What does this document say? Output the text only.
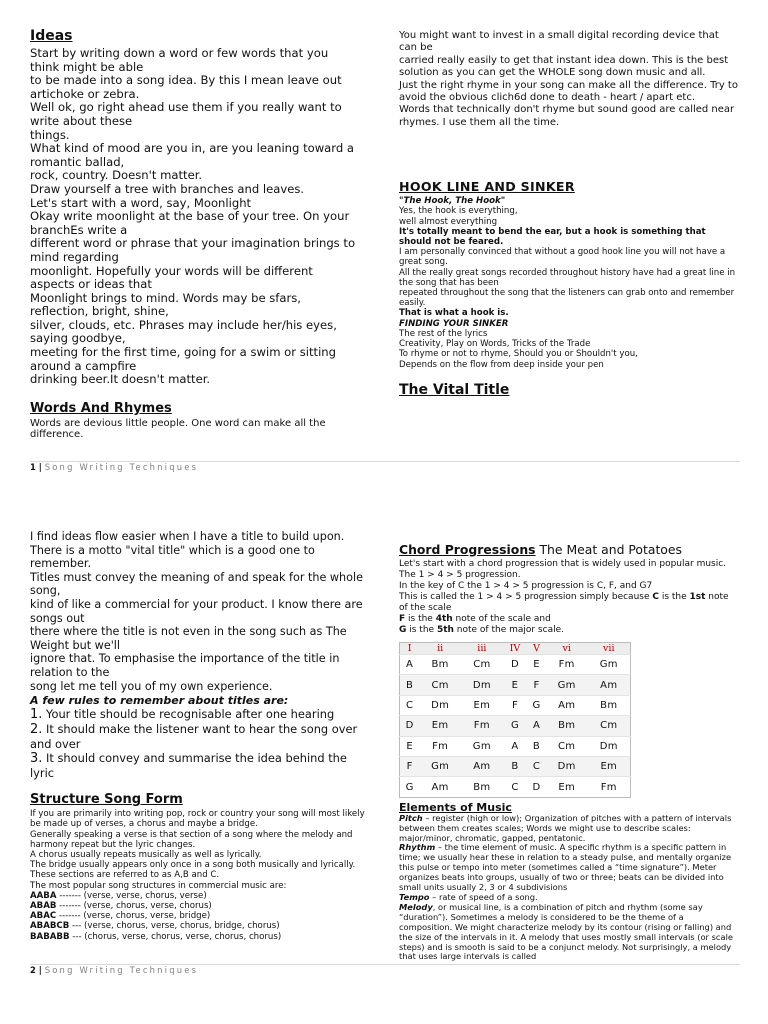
Ideas

Start by writing down a word or few words that you think might be able

to be made into a song idea. By this I mean leave out artichoke or zebra.

Well ok, go right ahead use them if you really want to write about these

things.

What kind of mood are you in, are you leaning toward a romantic ballad,

rock, country. Doesn't matter.

Draw yourself a tree with branches and leaves.

Let's start with a word, say, Moonlight

Okay write moonlight at the base of your tree. On your branchEs write a

different word or phrase that your imagination brings to mind regarding

moonlight. Hopefully your words will be different aspects or ideas that

Moonlight brings to mind. Words may be sfars, reflection, bright, shine,

silver, clouds, etc. Phrases may include her/his eyes, saying goodbye,

meeting for the first time, going for a swim or sitting around a campfire

drinking beer.It doesn't matter.

Words And Rhymes

Words are devious little people. One word can make all the difference.

You might want to invest in a small digital recording device that can be

carried really easily to get that instant idea down. This is the best

solution as you can get the WHOLE song down music and all.

Just the right rhyme in your song can make all the difference. Try to

avoid the obvious clich6d done to death - heart / apart etc.

Words that technically don't rhyme but sound good are called near

rhymes. I use them all the time.

HOOK LINE AND SINKER

"The Hook, The Hook"

Yes, the hook is everything,

well almost everything

It's totally meant to bend the ear, but a hook is something that should not be feared.

I am personally convinced that without a good hook line you will not have a great song.

All the really great songs recorded throughout history have had a great line in the song that has been

repeated throughout the song that the listeners can grab onto and remember easily.

That is what a hook is.

FINDING YOUR SINKER

The rest of the lyrics

Creativity, Play on Words, Tricks of the Trade

To rhyme or not to rhyme, Should you or Shouldn't you,

Depends on the flow from deep inside your pen

The Vital Title
1 | Song Writing Techniques

I find ideas flow easier when I have a title to build upon.

There is a motto "vital title" which is a good one to remember.

Titles must convey the meaning of and speak for the whole song,

kind of like a commercial for your product. I know there are songs out

there where the title is not even in the song such as The Weight but we'll

ignore that. To emphasise the importance of the title in relation to the

song let me tell you of my own experience.

A few rules to remember about titles are:
1. Your title should be recognisable after one hearing
2. It should make the listener want to hear the song over and over
3. It should convey and summarise the idea behind the lyric
Structure Song Form

If you are primarily into writing pop, rock or country your song will most likely be made up of verses, a chorus and maybe a bridge.

Generally speaking a verse is that section of a song where the melody and harmony repeat but the lyric changes.

A chorus usually repeats musically as well as lyrically.

The bridge usually appears only once in a song both musically and lyrically.

These sections are referred to as A,B and C.

The most popular song structures in commercial music are:

AABA ------- (verse, verse, chorus, verse)

ABAB ------- (verse, chorus, verse, chorus)

ABAC ------- (verse, chorus, verse, bridge)

ABABCB --- (verse, chorus, verse, chorus, bridge, chorus)

BABABB --- (chorus, verse, chorus, verse, chorus, chorus)

Chord Progressions The Meat and Potatoes

Let's start with a chord progression that is widely used in popular music.

The 1 > 4 > 5 progression.

In the key of C the 1 > 4 > 5 progression is C, F, and G7

This is called the 1 > 4 > 5 progression simply because C is the 1st note of the scale

F is the 4th note of the scale and

G is the 5th note of the major scale.

I	ii	iii	IV	V	vi	vii
A	Bm	Cm	D	E	Fm	Gm
B	Cm	Dm	E	F	Gm	Am
C	Dm	Em	F	G	Am	Bm
D	Em	Fm	G	A	Bm	Cm
E	Fm	Gm	A	B	Cm	Dm
F	Gm	Am	B	C	Dm	Em
G	Am	Bm	C	D	Em	Fm
Elements of Music

Pitch – register (high or low); Organization of pitches with a pattern of intervals between them creates scales; Words we might use to describe scales: major/minor, chromatic, gapped, pentatonic.

Rhythm – the time element of music. A specific rhythm is a specific pattern in time; we usually hear these in relation to a steady pulse, and mentally organize this pulse or tempo into meter (sometimes called a “time signature”). Meter organizes beats into groups, usually of two or three; beats can be divided into small units usually 2, 3 or 4 subdivisions

Tempo – rate of speed of a song.

Melody, or musical line, is a combination of pitch and rhythm (some say “duration”). Sometimes a melody is considered to be the theme of a composition. We might characterize melody by its contour (rising or falling) and the size of the intervals in it. A melody that uses mostly small intervals (or scale steps) and is smooth is said to be a conjunct melody. Not surprisingly, a melody that uses large intervals is called

2 | Song Writing Techniques
